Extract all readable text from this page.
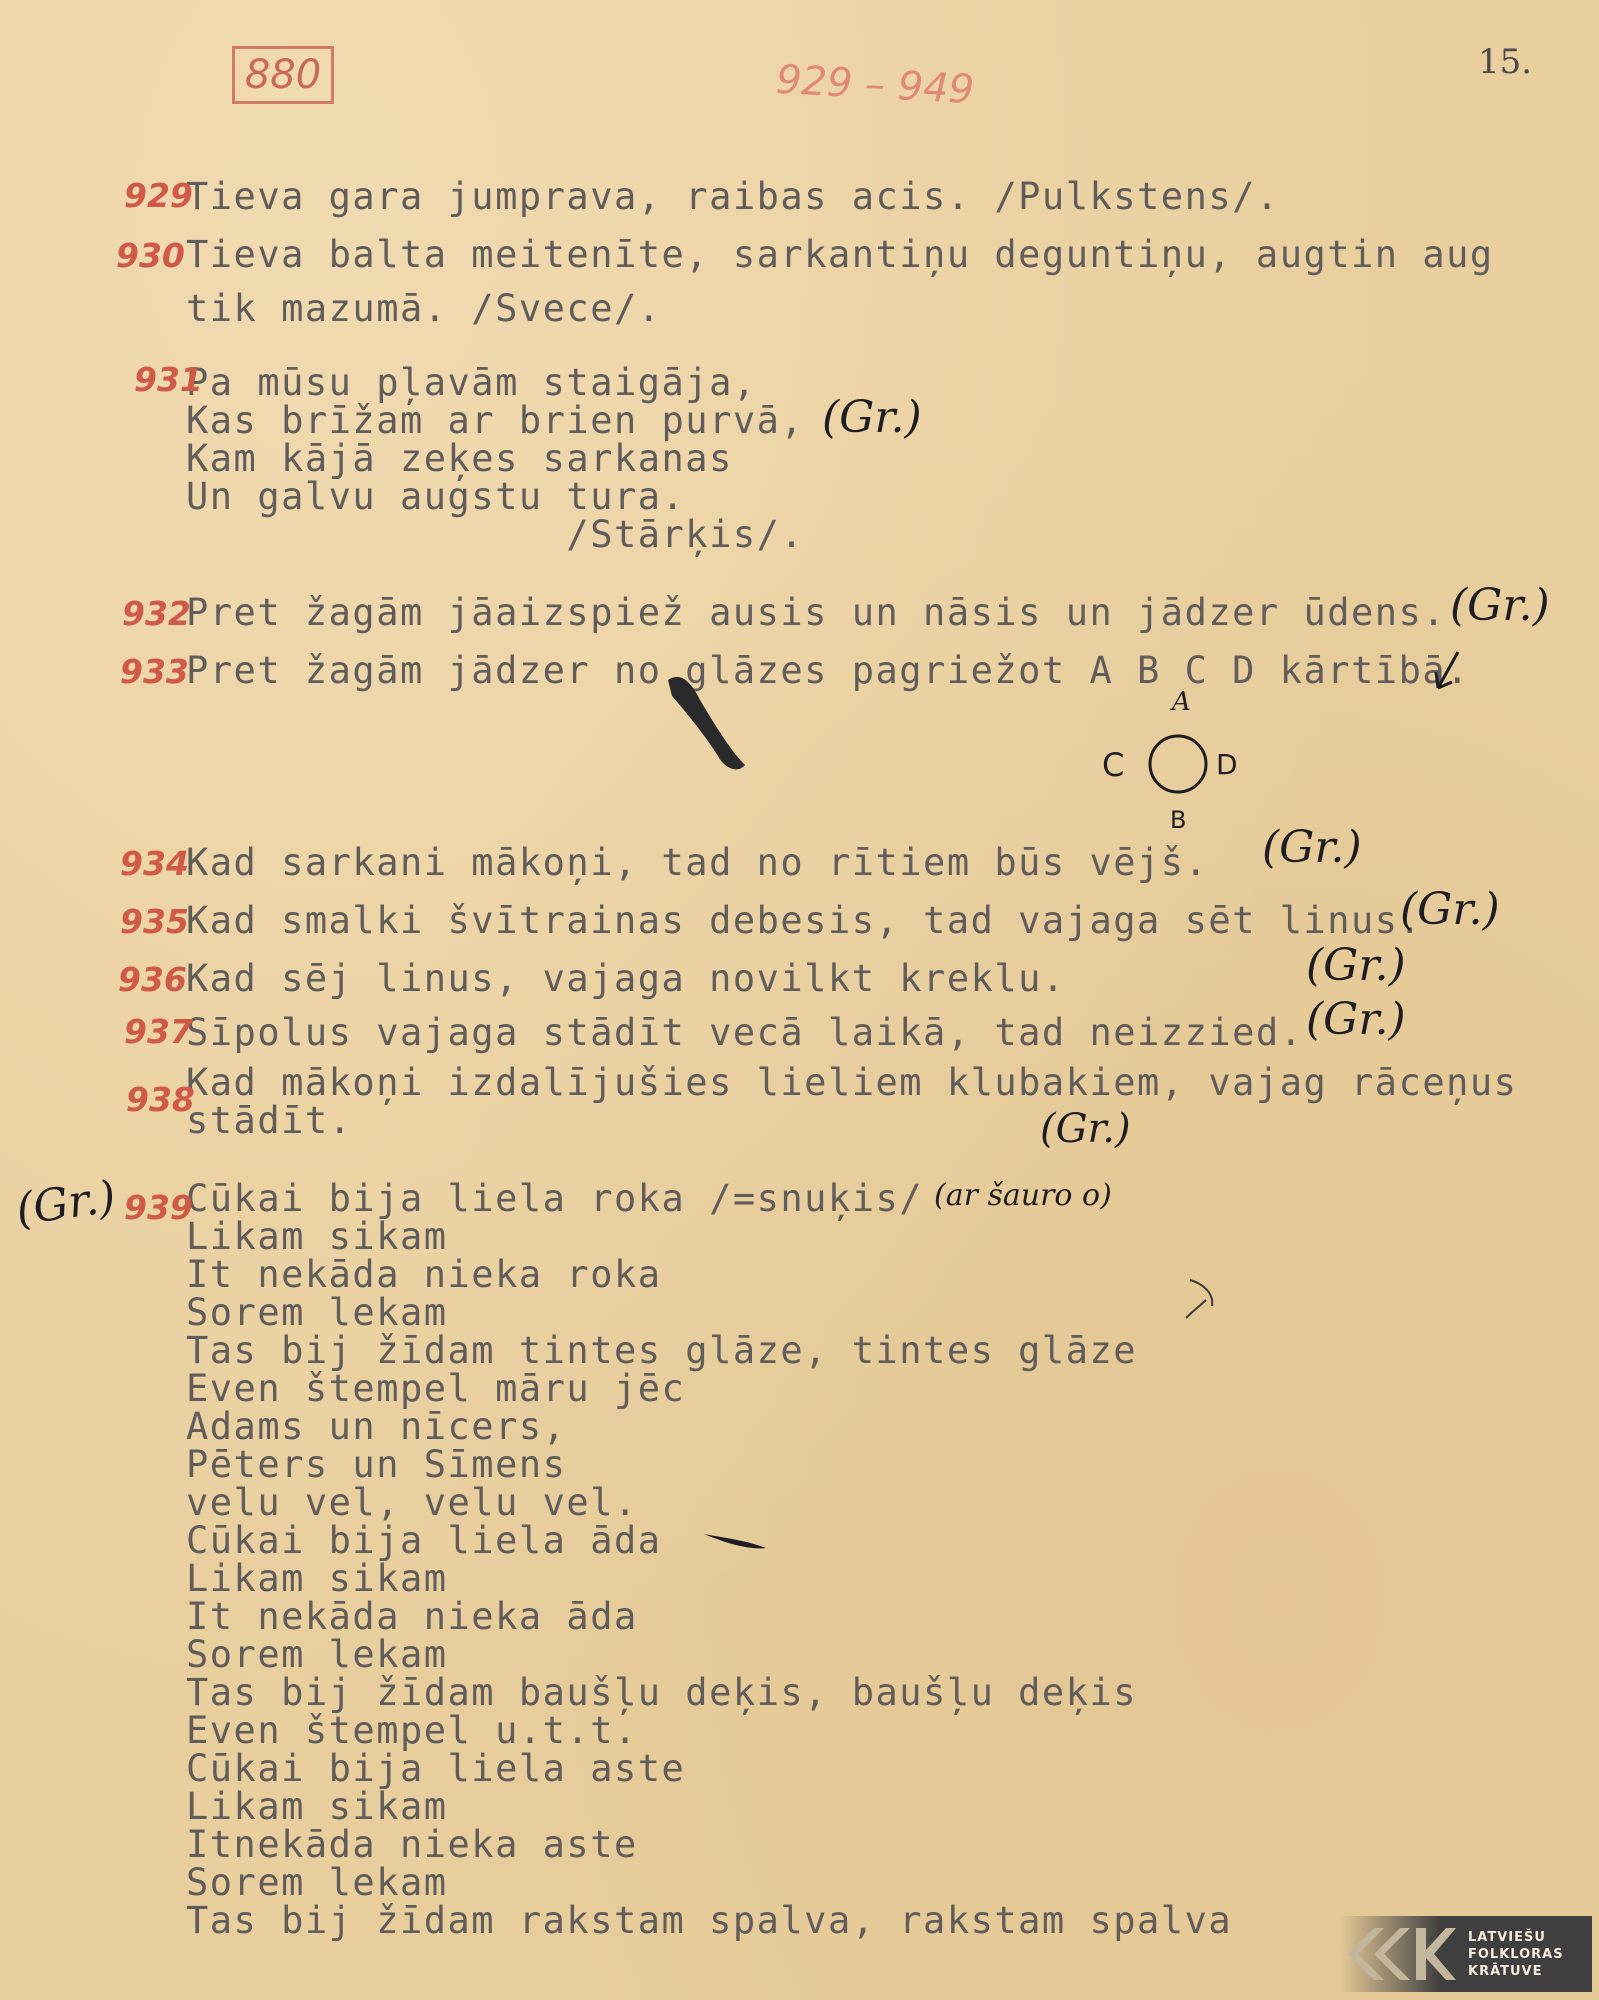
880	929 – 949	15.
929

Tieva gara jumprava, raibas acis. /Pulkstens/.

930 Tieva balta meitenīte, sarkantiņu deguntiņu, augtin aug

tik mazumā. /Svece/.

931

Pa mūsu pļavām staigāja,

Kas brīžam ar brien purvā,

Kam kājā zeķes sarkanas

Un galvu augstu tura.

/Stārķis/.

(Gr.)
932

Pret žagām jāaizspiež ausis un nāsis un jādzer ūdens. (Gr.)
933

Pret žagām jādzer no glāzes pagriežot A B C D kārtībā.

A
B
C	D
934

Kad sarkani mākoņi, tad no rītiem būs vējš. (Gr.)
935

Kad smalki švītrainas debesis, tad vajaga sēt linus.

(Gr.)
936 Kad sēj linus, vajaga novilkt kreklu.	(Gr.)
937

Sīpolus vajaga stādīt vecā laikā, tad neizzied. (Gr.)
938

Kad mākoņi izdalījušies lieliem klubakiem, vajag rāceņus

stādīt.	(Gr.)
939

Cūkai bija liela roka /=snuķis/

Likam sikam

It nekāda nieka roka

Sorem lekam

Tas bij žīdam tintes glāze, tintes glāze

Even štempel māru jēc

Adams un nīcers,

Pēters un Sīmens

velu vel, velu vel.

Cūkai bija liela āda

Likam sikam

It nekāda nieka āda

Sorem lekam

Tas bij žīdam baušļu deķis, baušļu deķis

Even štempel u.t.t.

Cūkai bija liela aste

Likam sikam

Itnekāda nieka aste

Sorem lekam

Tas bij žīdam rakstam spalva, rakstam spalva

(Gr.)	(ar šauro o)
LATVIEŠU
FOLKLORAS
KRĀTUVE
